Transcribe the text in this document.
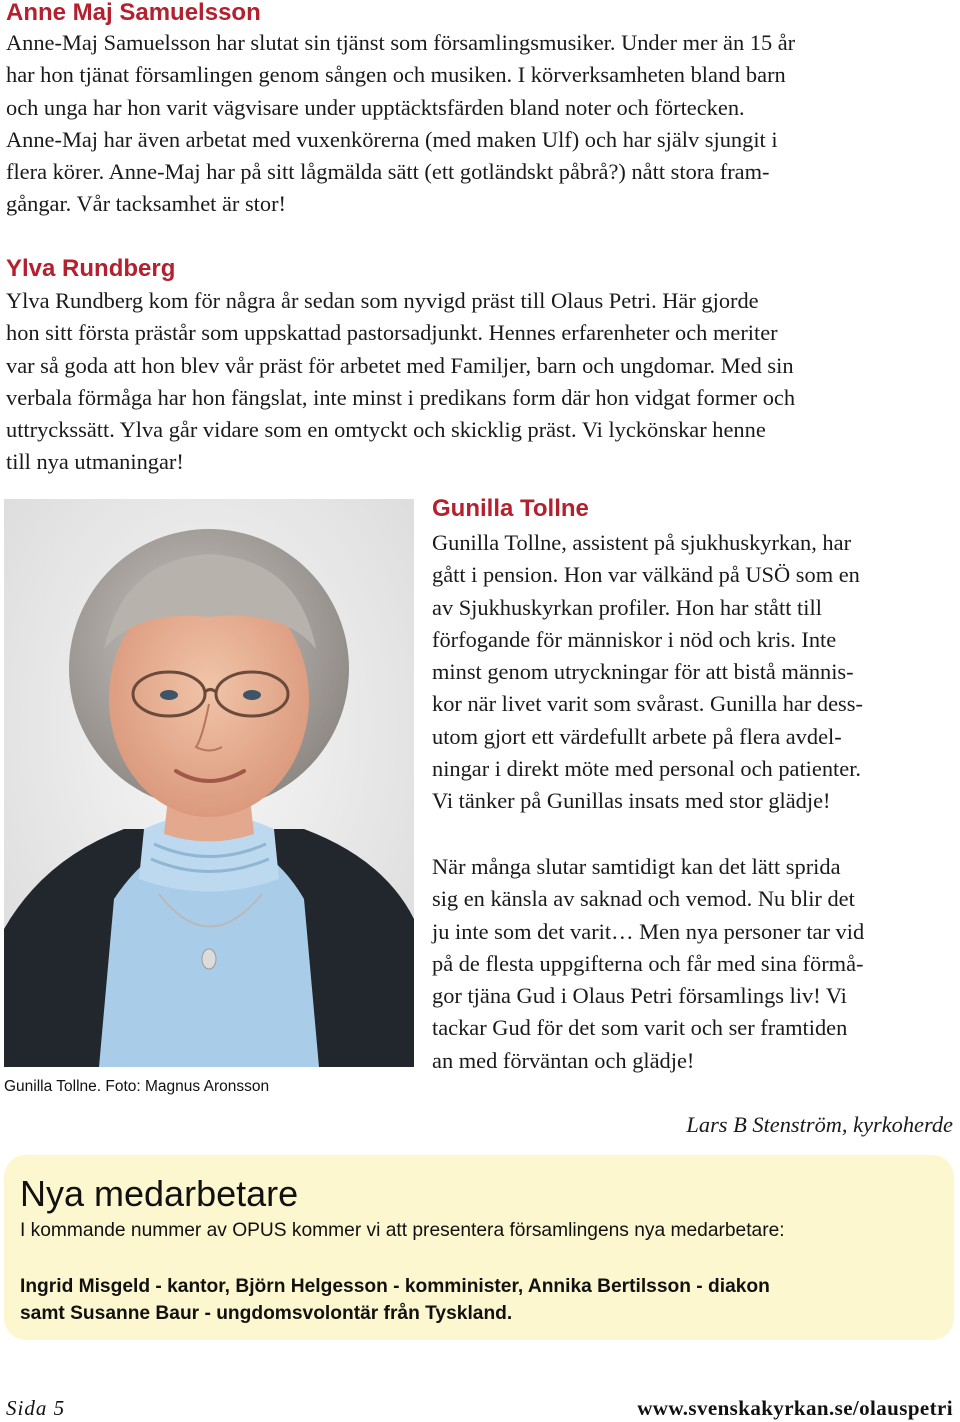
Anne Maj Samuelsson
Anne-Maj Samuelsson har slutat sin tjänst som församlingsmusiker. Under mer än 15 år
har hon tjänat församlingen genom sången och musiken. I körverksamheten bland barn
och unga har hon varit vägvisare under upptäcktsfärden bland noter och förtecken.
Anne-Maj har även arbetat med vuxenkörerna (med maken Ulf) och har själv sjungit i
flera körer. Anne-Maj har på sitt lågmälda sätt (ett gotländskt påbrå?) nått stora fram-
gångar. Vår tacksamhet är stor!
Ylva Rundberg
Ylva Rundberg kom för några år sedan som nyvigd präst till Olaus Petri. Här gjorde
hon sitt första prästår som uppskattad pastorsadjunkt. Hennes erfarenheter och meriter
var så goda att hon blev vår präst för arbetet med Familjer, barn och ungdomar. Med sin
verbala förmåga har hon fängslat, inte minst i predikans form där hon vidgat former och
uttryckssätt. Ylva går vidare som en omtyckt och skicklig präst. Vi lyckönskar henne
till nya utmaningar!
Gunilla Tollne. Foto: Magnus Aronsson
Gunilla Tollne
Gunilla Tollne, assistent på sjukhuskyrkan, har
gått i pension. Hon var välkänd på USÖ som en
av Sjukhuskyrkan profiler. Hon har stått till
förfogande för människor i nöd och kris. Inte
minst genom utryckningar för att bistå männis-
kor när livet varit som svårast. Gunilla har dess-
utom gjort ett värdefullt arbete på flera avdel-
ningar i direkt möte med personal och patienter.
Vi tänker på Gunillas insats med stor glädje!
När många slutar samtidigt kan det lätt sprida
sig en känsla av saknad och vemod. Nu blir det
ju inte som det varit… Men nya personer tar vid
på de flesta uppgifterna och får med sina förmå-
gor tjäna Gud i Olaus Petri församlings liv! Vi
tackar Gud för det som varit och ser framtiden
an med förväntan och glädje!
Lars B Stenström, kyrkoherde
Nya medarbetare
I kommande nummer av OPUS kommer vi att presentera församlingens nya medarbetare:
Ingrid Misgeld - kantor, Björn Helgesson - komminister, Annika Bertilsson - diakon
samt Susanne Baur - ungdomsvolontär från Tyskland.
Sida 5	www.svenskakyrkan.se/olauspetri
